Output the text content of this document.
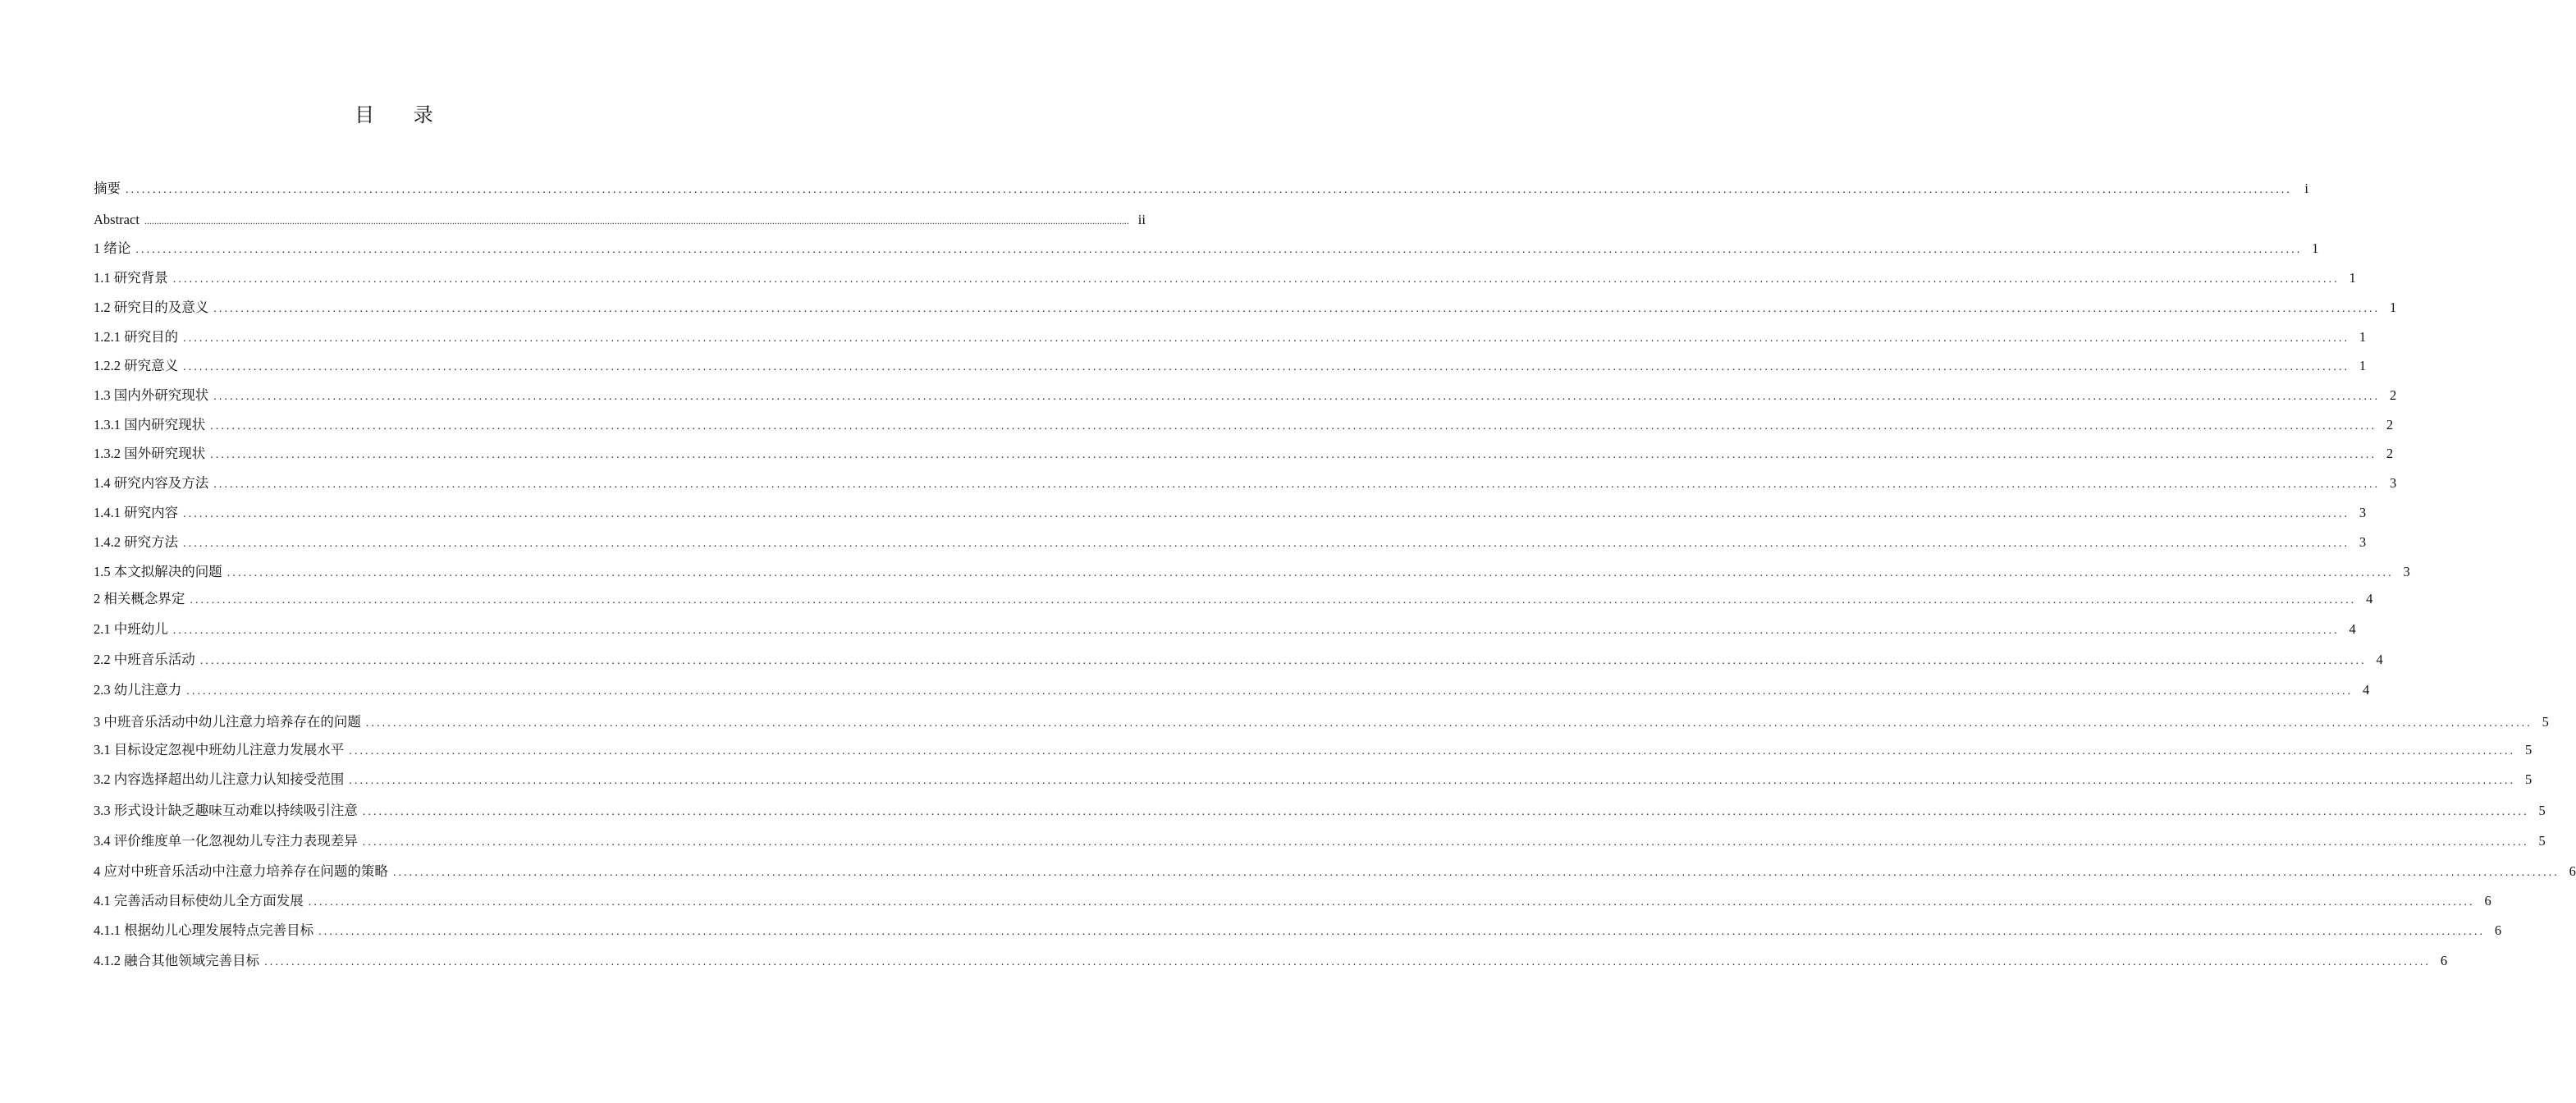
目 录
摘要 ................................................................................................................................................................................................................................................................................................................................................................................................................ i
Abstract ................................................................................................................................................................................................................................................................................................................................................................................................................ ii
1 绪论 ................................................................................................................................................................................................................................................................................................................................................................................................................ 1
1.1 研究背景 ................................................................................................................................................................................................................................................................................................................................................................................................................ 1
1.2 研究目的及意义 ................................................................................................................................................................................................................................................................................................................................................................................................................ 1
1.2.1 研究目的 ................................................................................................................................................................................................................................................................................................................................................................................................................ 1
1.2.2 研究意义 ................................................................................................................................................................................................................................................................................................................................................................................................................ 1
1.3 国内外研究现状 ................................................................................................................................................................................................................................................................................................................................................................................................................ 2
1.3.1 国内研究现状 ................................................................................................................................................................................................................................................................................................................................................................................................................ 2
1.3.2 国外研究现状 ................................................................................................................................................................................................................................................................................................................................................................................................................ 2
1.4 研究内容及方法 ................................................................................................................................................................................................................................................................................................................................................................................................................ 3
1.4.1 研究内容 ................................................................................................................................................................................................................................................................................................................................................................................................................ 3
1.4.2 研究方法 ................................................................................................................................................................................................................................................................................................................................................................................................................ 3
1.5 本文拟解决的问题 ................................................................................................................................................................................................................................................................................................................................................................................................................ 3
2 相关概念界定 ................................................................................................................................................................................................................................................................................................................................................................................................................ 4
2.1 中班幼儿 ................................................................................................................................................................................................................................................................................................................................................................................................................ 4
2.2 中班音乐活动 ................................................................................................................................................................................................................................................................................................................................................................................................................ 4
2.3 幼儿注意力 ................................................................................................................................................................................................................................................................................................................................................................................................................ 4
3 中班音乐活动中幼儿注意力培养存在的问题 ................................................................................................................................................................................................................................................................................................................................................................................................................ 5
3.1 目标设定忽视中班幼儿注意力发展水平 ................................................................................................................................................................................................................................................................................................................................................................................................................ 5
3.2 内容选择超出幼儿注意力认知接受范围 ................................................................................................................................................................................................................................................................................................................................................................................................................ 5
3.3 形式设计缺乏趣味互动难以持续吸引注意 ................................................................................................................................................................................................................................................................................................................................................................................................................ 5
3.4 评价维度单一化忽视幼儿专注力表现差异 ................................................................................................................................................................................................................................................................................................................................................................................................................ 5
4 应对中班音乐活动中注意力培养存在问题的策略 ................................................................................................................................................................................................................................................................................................................................................................................................................ 6
4.1 完善活动目标使幼儿全方面发展 ................................................................................................................................................................................................................................................................................................................................................................................................................ 6
4.1.1 根据幼儿心理发展特点完善目标 ................................................................................................................................................................................................................................................................................................................................................................................................................ 6
4.1.2 融合其他领域完善目标 ................................................................................................................................................................................................................................................................................................................................................................................................................ 6
